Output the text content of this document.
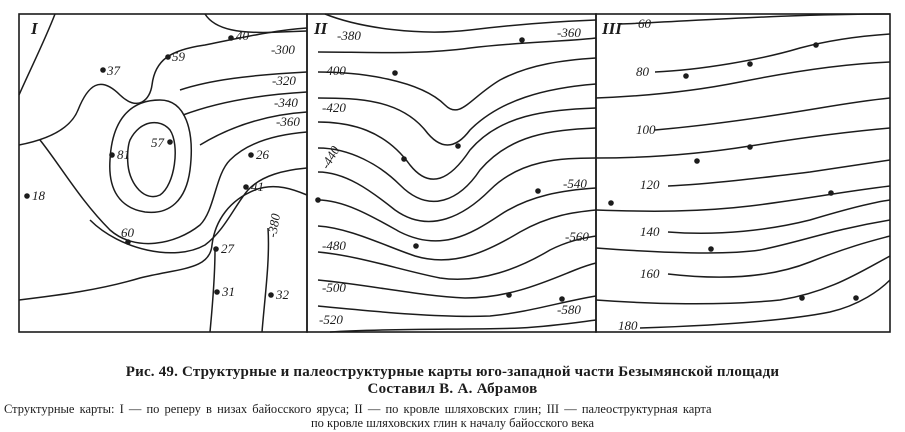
I	II	III
-300
-320
-340
-360
-380
40
59
37
57
81	26
41
18
60
27
31	32
-380	-360
-400
-420
-440
-540
-480
-560
-500
-520
-580
60
80
100
120
140
160
180
Рис. 49. Структурные и палеоструктурные карты юго-западной части Безымянской площади
Составил В. А. Абрамов
Структурные карты: I — по реперу в низах байосского яруса; II — по кровле шляховских глин; III — палеоструктурная карта
по кровле шляховских глин к началу байосского века
